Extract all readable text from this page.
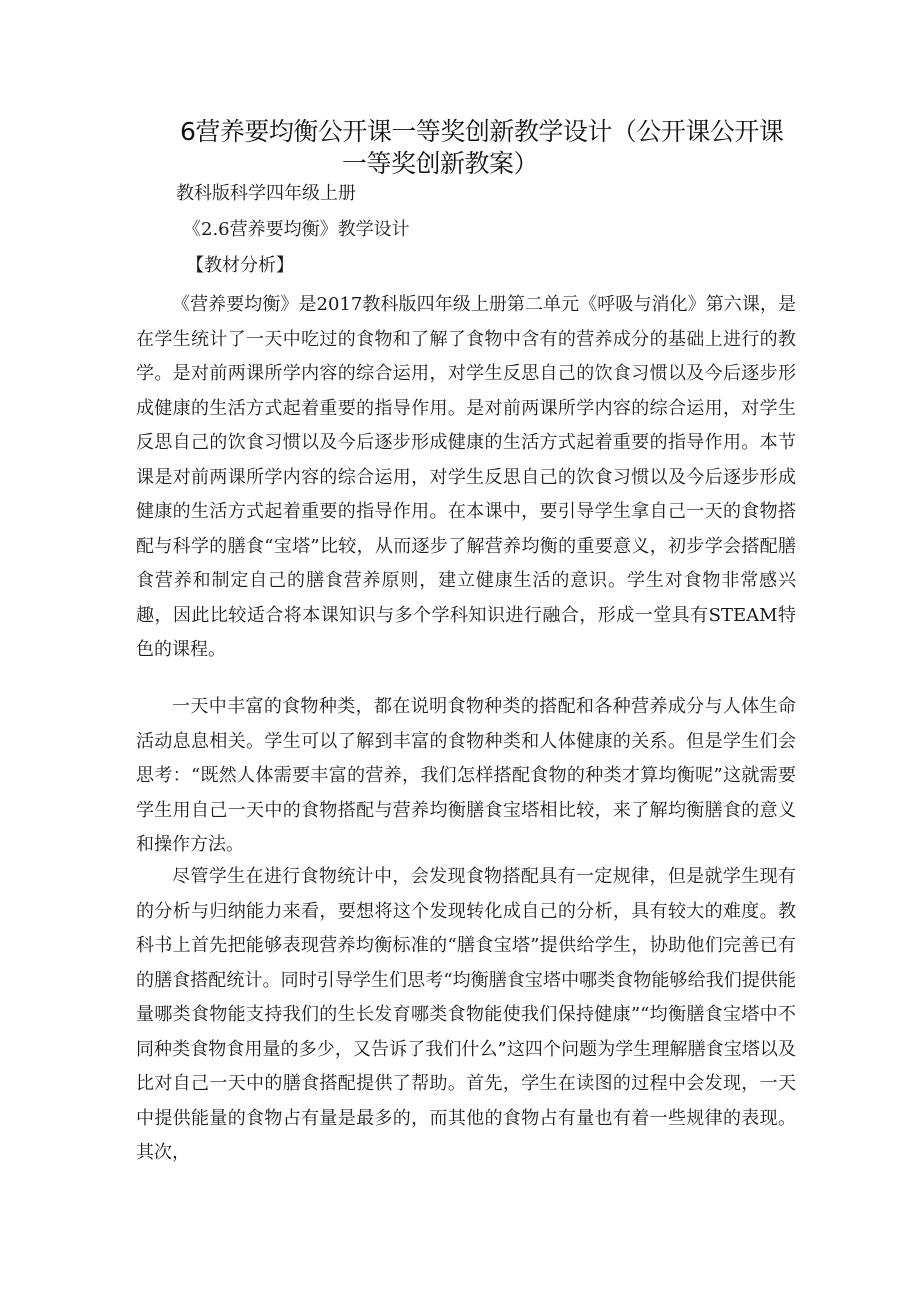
6营养要均衡公开课一等奖创新教学设计（公开课公开课
一等奖创新教案）
教科版科学四年级上册
《2.6营养要均衡》教学设计
【教材分析】

《营养要均衡》是2017教科版四年级上册第二单元《呼吸与消化》第六课，是在学生统计了一天中吃过的食物和了解了食物中含有的营养成分的基础上进行的教学。是对前两课所学内容的综合运用，对学生反思自己的饮食习惯以及今后逐步形成健康的生活方式起着重要的指导作用。是对前两课所学内容的综合运用，对学生反思自己的饮食习惯以及今后逐步形成健康的生活方式起着重要的指导作用。本节课是对前两课所学内容的综合运用，对学生反思自己的饮食习惯以及今后逐步形成健康的生活方式起着重要的指导作用。在本课中，要引导学生拿自己一天的食物搭配与科学的膳食“宝塔”比较，从而逐步了解营养均衡的重要意义，初步学会搭配膳食营养和制定自己的膳食营养原则，建立健康生活的意识。学生对食物非常感兴趣，因此比较适合将本课知识与多个学科知识进行融合，形成一堂具有STEAM特色的课程。

一天中丰富的食物种类，都在说明食物种类的搭配和各种营养成分与人体生命活动息息相关。学生可以了解到丰富的食物种类和人体健康的关系。但是学生们会思考：“既然人体需要丰富的营养，我们怎样搭配食物的种类才算均衡呢”这就需要学生用自己一天中的食物搭配与营养均衡膳食宝塔相比较，来了解均衡膳食的意义和操作方法。

尽管学生在进行食物统计中，会发现食物搭配具有一定规律，但是就学生现有的分析与归纳能力来看，要想将这个发现转化成自己的分析，具有较大的难度。教科书上首先把能够表现营养均衡标准的“膳食宝塔”提供给学生，协助他们完善已有的膳食搭配统计。同时引导学生们思考“均衡膳食宝塔中哪类食物能够给我们提供能量哪类食物能支持我们的生长发育哪类食物能使我们保持健康”“均衡膳食宝塔中不同种类食物食用量的多少，又告诉了我们什么”这四个问题为学生理解膳食宝塔以及比对自己一天中的膳食搭配提供了帮助。首先，学生在读图的过程中会发现，一天中提供能量的食物占有量是最多的，而其他的食物占有量也有着一些规律的表现。其次，
